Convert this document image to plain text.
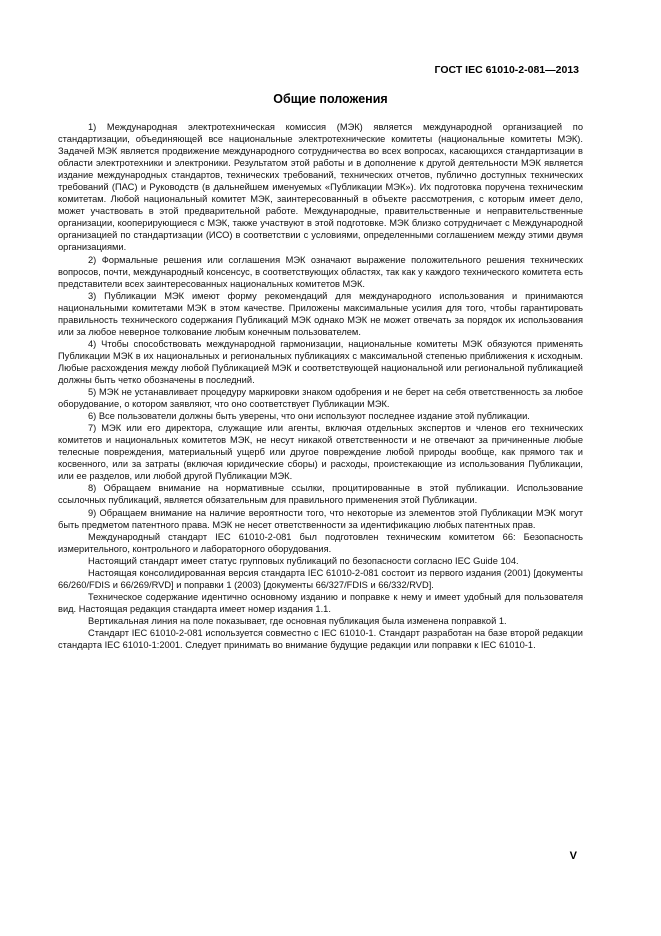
ГОСТ IEC 61010-2-081—2013
Общие положения

1) Международная электротехническая комиссия (МЭК) является международной организацией по стандартизации, объединяющей все национальные электротехнические комитеты (национальные комитеты МЭК). Задачей МЭК является продвижение международного сотрудничества во всех вопросах, касающихся стандартизации в области электротехники и электроники. Результатом этой работы и в дополнение к другой деятельности МЭК является издание международных стандартов, технических требований, технических отчетов, публично доступных технических требований (ПАС) и Руководств (в дальнейшем именуемых «Публикации МЭК»). Их подготовка поручена техническим комитетам. Любой национальный комитет МЭК, заинтересованный в объекте рассмотрения, с которым имеет дело, может участвовать в этой предварительной работе. Международные, правительственные и неправительственные организации, кооперирующиеся с МЭК, также участвуют в этой подготовке. МЭК близко сотрудничает с Международной организацией по стандартизации (ИСО) в соответствии с условиями, определенными соглашением между этими двумя организациями.

2) Формальные решения или соглашения МЭК означают выражение положительного решения технических вопросов, почти, международный консенсус, в соответствующих областях, так как у каждого технического комитета есть представители всех заинтересованных национальных комитетов МЭК.

3) Публикации МЭК имеют форму рекомендаций для международного использования и принимаются национальными комитетами МЭК в этом качестве. Приложены максимальные усилия для того, чтобы гарантировать правильность технического содержания Публикаций МЭК однако МЭК не может отвечать за порядок их использования или за любое неверное толкование любым конечным пользователем.

4) Чтобы способствовать международной гармонизации, национальные комитеты МЭК обязуются применять Публикации МЭК в их национальных и региональных публикациях с максимальной степенью приближения к исходным. Любые расхождения между любой Публикацией МЭК и соответствующей национальной или региональной публикацией должны быть четко обозначены в последний.

5) МЭК не устанавливает процедуру маркировки знаком одобрения и не берет на себя ответственность за любое оборудование, о котором заявляют, что оно соответствует Публикации МЭК.

6) Все пользователи должны быть уверены, что они используют последнее издание этой публикации.

7) МЭК или его директора, служащие или агенты, включая отдельных экспертов и членов его технических комитетов и национальных комитетов МЭК, не несут никакой ответственности и не отвечают за причиненные любые телесные повреждения, материальный ущерб или другое повреждение любой природы вообще, как прямого так и косвенного, или за затраты (включая юридические сборы) и расходы, проистекающие из использования Публикации, или ее разделов, или любой другой Публикации МЭК.

8) Обращаем внимание на нормативные ссылки, процитированные в этой публикации. Использование ссылочных публикаций, является обязательным для правильного применения этой Публикации.

9) Обращаем внимание на наличие вероятности того, что некоторые из элементов этой Публикации МЭК могут быть предметом патентного права. МЭК не несет ответственности за идентификацию любых патентных прав.

Международный стандарт IEC 61010-2-081 был подготовлен техническим комитетом 66: Безопасность измерительного, контрольного и лабораторного оборудования.

Настоящий стандарт имеет статус групповых публикаций по безопасности согласно IEC Guide 104.

Настоящая консолидированная версия стандарта IEC 61010-2-081 состоит из первого издания (2001) [документы 66/260/FDIS и 66/269/RVD] и поправки 1 (2003) [документы 66/327/FDIS и 66/332/RVD].

Техническое содержание идентично основному изданию и поправке к нему и имеет удобный для пользователя вид. Настоящая редакция стандарта имеет номер издания 1.1.

Вертикальная линия на поле показывает, где основная публикация была изменена поправкой 1.

Стандарт IEC 61010-2-081 используется совместно с IEC 61010-1. Стандарт разработан на базе второй редакции стандарта IEC 61010-1:2001. Следует принимать во внимание будущие редакции или поправки к IEC 61010-1.

V
